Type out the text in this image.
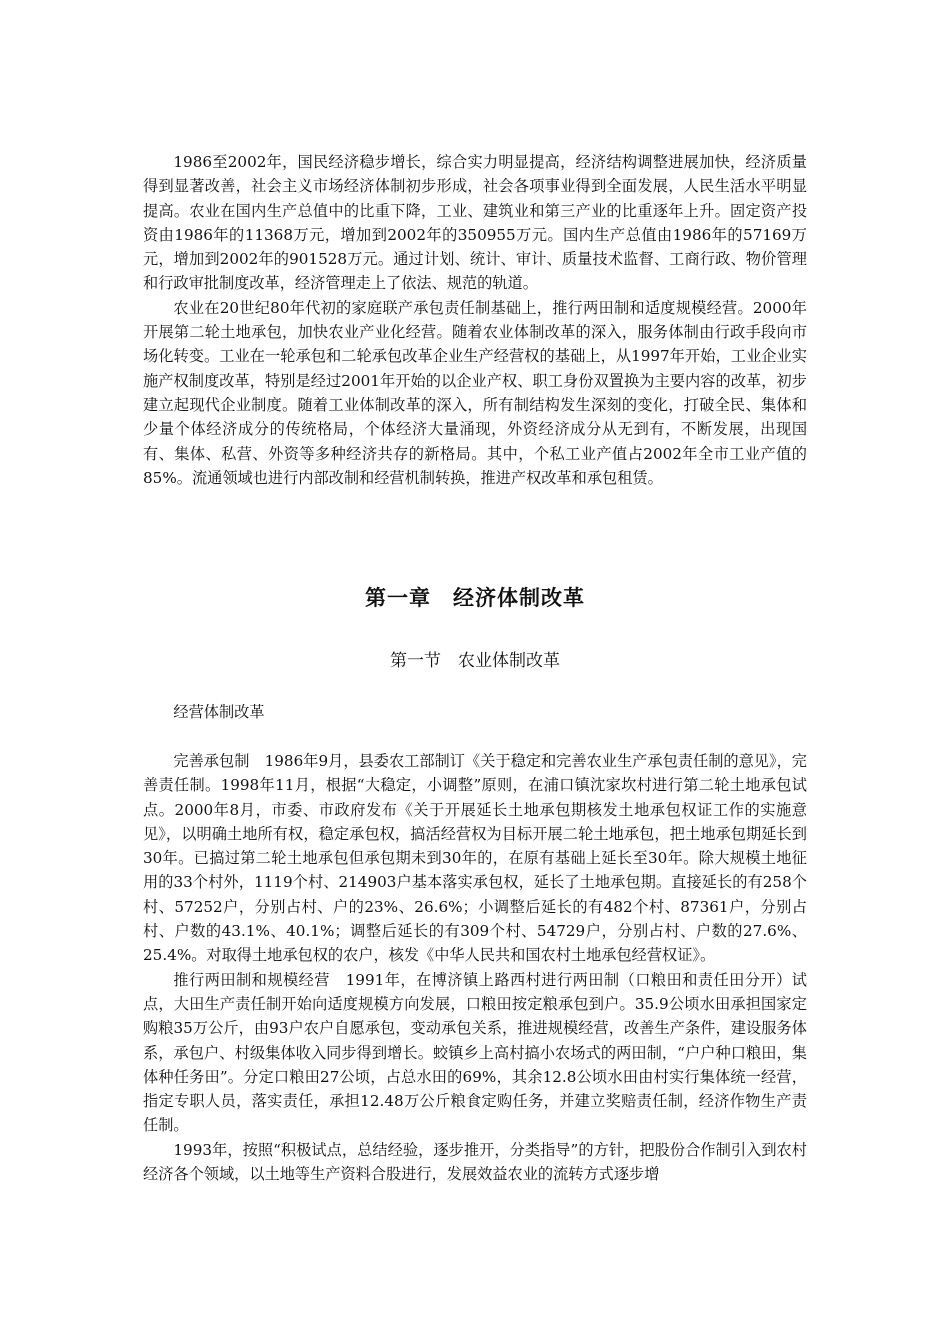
1986至2002年，国民经济稳步增长，综合实力明显提高，经济结构调整进展加快，经济质量得到显著改善，社会主义市场经济体制初步形成，社会各项事业得到全面发展，人民生活水平明显提高。农业在国内生产总值中的比重下降，工业、建筑业和第三产业的比重逐年上升。固定资产投资由1986年的11368万元，增加到2002年的350955万元。国内生产总值由1986年的57169万元，增加到2002年的901528万元。通过计划、统计、审计、质量技术监督、工商行政、物价管理和行政审批制度改革，经济管理走上了依法、规范的轨道。

农业在20世纪80年代初的家庭联产承包责任制基础上，推行两田制和适度规模经营。2000年开展第二轮土地承包，加快农业产业化经营。随着农业体制改革的深入，服务体制由行政手段向市场化转变。工业在一轮承包和二轮承包改革企业生产经营权的基础上，从1997年开始，工业企业实施产权制度改革，特别是经过2001年开始的以企业产权、职工身份双置换为主要内容的改革，初步建立起现代企业制度。随着工业体制改革的深入，所有制结构发生深刻的变化，打破全民、集体和少量个体经济成分的传统格局，个体经济大量涌现，外资经济成分从无到有，不断发展，出现国有、集体、私营、外资等多种经济共存的新格局。其中，个私工业产值占2002年全市工业产值的85%。流通领域也进行内部改制和经营机制转换，推进产权改革和承包租赁。

第一章　经济体制改革
第一节　农业体制改革
经营体制改革

完善承包制　1986年9月，县委农工部制订《关于稳定和完善农业生产承包责任制的意见》，完善责任制。1998年11月，根据“大稳定，小调整”原则，在浦口镇沈家坎村进行第二轮土地承包试点。2000年8月，市委、市政府发布《关于开展延长土地承包期核发土地承包权证工作的实施意见》，以明确土地所有权，稳定承包权，搞活经营权为目标开展二轮土地承包，把土地承包期延长到30年。已搞过第二轮土地承包但承包期未到30年的，在原有基础上延长至30年。除大规模土地征用的33个村外，1119个村、214903户基本落实承包权，延长了土地承包期。直接延长的有258个村、57252户，分别占村、户的23%、26.6%；小调整后延长的有482个村、87361户，分别占村、户数的43.1%、40.1%；调整后延长的有309个村、54729户，分别占村、户数的27.6%、25.4%。对取得土地承包权的农户，核发《中华人民共和国农村土地承包经营权证》。

推行两田制和规模经营　1991年，在博济镇上路西村进行两田制（口粮田和责任田分开）试点，大田生产责任制开始向适度规模方向发展，口粮田按定粮承包到户。35.9公顷水田承担国家定购粮35万公斤，由93户农户自愿承包，变动承包关系，推进规模经营，改善生产条件，建设服务体系，承包户、村级集体收入同步得到增长。蛟镇乡上高村搞小农场式的两田制，“户户种口粮田，集体种任务田”。分定口粮田27公顷，占总水田的69%，其余12.8公顷水田由村实行集体统一经营，指定专职人员，落实责任，承担12.48万公斤粮食定购任务，并建立奖赔责任制，经济作物生产责任制。

1993年，按照“积极试点，总结经验，逐步推开，分类指导”的方针，把股份合作制引入到农村经济各个领域，以土地等生产资料合股进行，发展效益农业的流转方式逐步增
